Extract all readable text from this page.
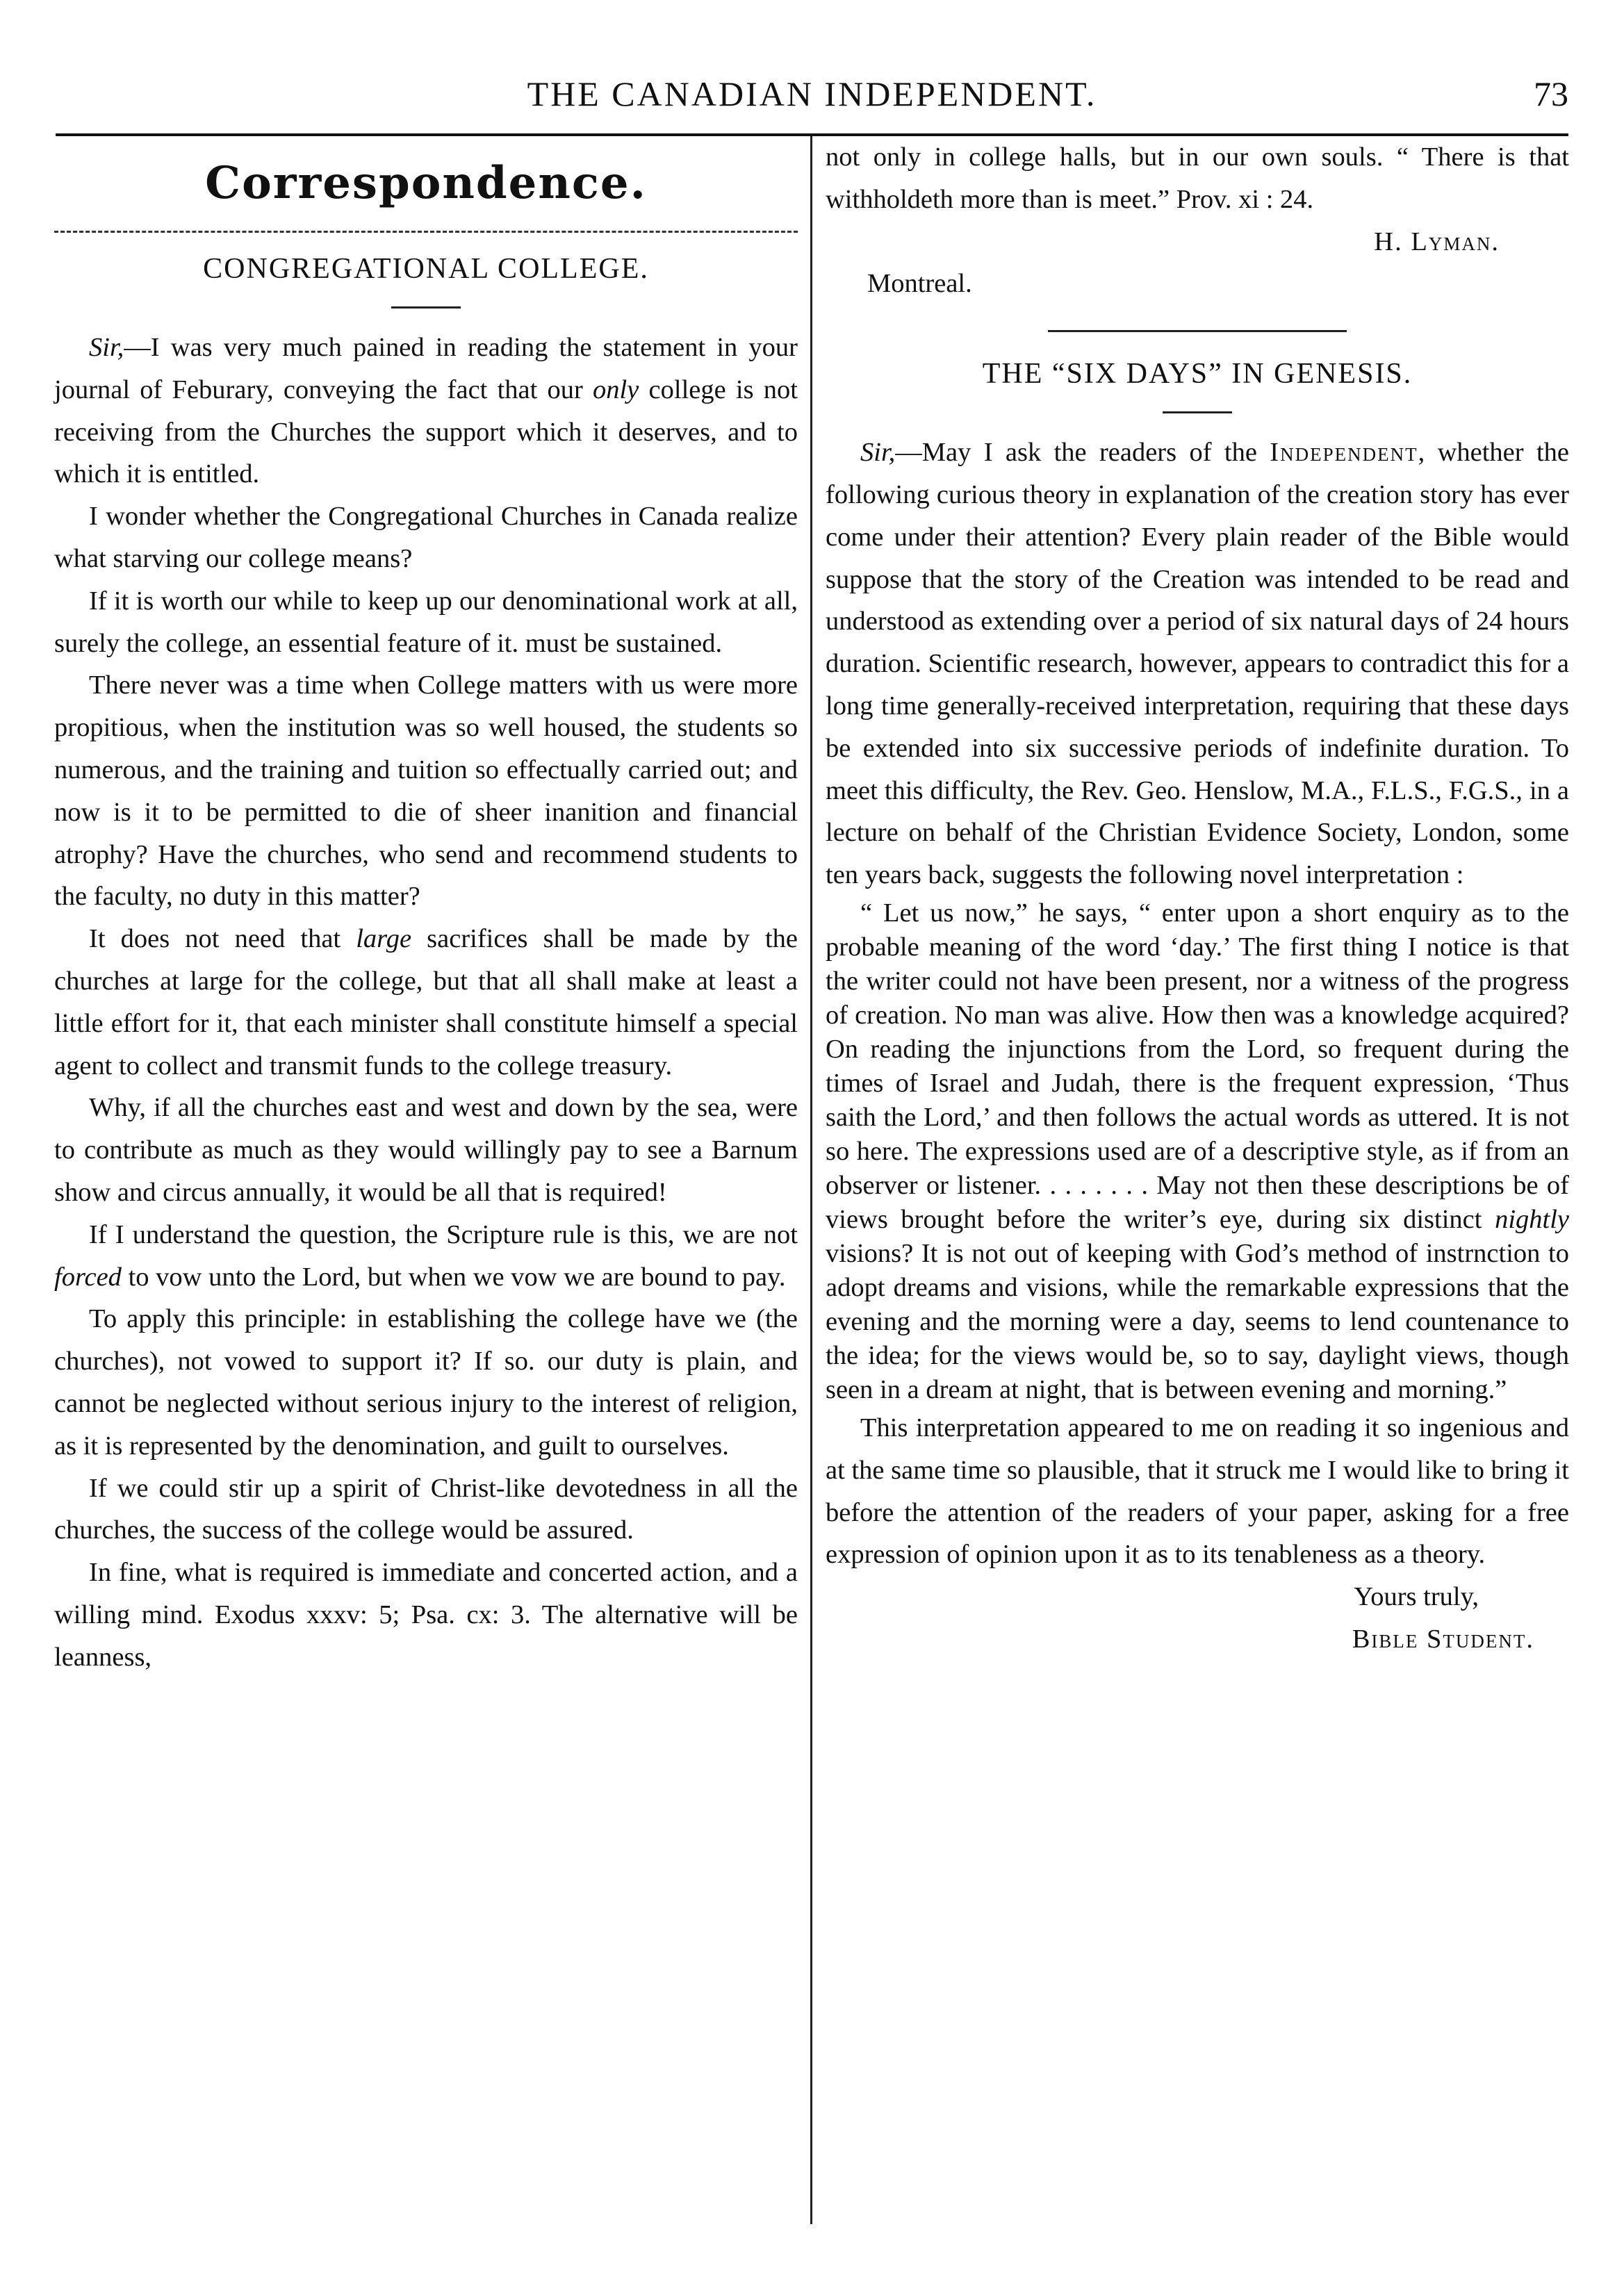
THE CANADIAN INDEPENDENT.	73
Correspondence.

CONGREGATIONAL COLLEGE.

Sir,—I was very much pained in reading the statement in your journal of Feburary, conveying the fact that our only college is not receiving from the Churches the support which it deserves, and to which it is entitled.

I wonder whether the Congregational Churches in Canada realize what starving our college means?

If it is worth our while to keep up our denominational work at all, surely the college, an essential feature of it. must be sustained.

There never was a time when College matters with us were more propitious, when the institution was so well housed, the students so numerous, and the training and tuition so effectually carried out; and now is it to be permitted to die of sheer inanition and financial atrophy? Have the churches, who send and recommend students to the faculty, no duty in this matter?

It does not need that large sacrifices shall be made by the churches at large for the college, but that all shall make at least a little effort for it, that each minister shall constitute himself a special agent to collect and transmit funds to the college treasury.

Why, if all the churches east and west and down by the sea, were to contribute as much as they would willingly pay to see a Barnum show and circus annually, it would be all that is required!

If I understand the question, the Scripture rule is this, we are not forced to vow unto the Lord, but when we vow we are bound to pay.

To apply this principle: in establishing the college have we (the churches), not vowed to support it? If so. our duty is plain, and cannot be neglected without serious injury to the interest of religion, as it is represented by the denomination, and guilt to ourselves.

If we could stir up a spirit of Christ-like devotedness in all the churches, the success of the college would be assured.

In fine, what is required is immediate and concerted action, and a willing mind. Exodus xxxv: 5; Psa. cx: 3. The alternative will be leanness,

not only in college halls, but in our own souls. “ There is that withholdeth more than is meet.” Prov. xi : 24.

H. Lyman.

Montreal.

THE “SIX DAYS” IN GENESIS.

Sir,—May I ask the readers of the Independent, whether the following curious theory in explanation of the creation story has ever come under their attention? Every plain reader of the Bible would suppose that the story of the Creation was intended to be read and understood as extending over a period of six natural days of 24 hours duration. Scientific research, however, appears to contradict this for a long time generally-received interpretation, requiring that these days be extended into six successive periods of indefinite duration. To meet this difficulty, the Rev. Geo. Henslow, M.A., F.L.S., F.G.S., in a lecture on behalf of the Christian Evidence Society, London, some ten years back, suggests the following novel interpretation :

“ Let us now,” he says, “ enter upon a short enquiry as to the probable meaning of the word ‘day.’ The first thing I notice is that the writer could not have been present, nor a witness of the progress of creation. No man was alive. How then was a knowledge acquired? On reading the injunctions from the Lord, so frequent during the times of Israel and Judah, there is the frequent expression, ‘Thus saith the Lord,’ and then follows the actual words as uttered. It is not so here. The expressions used are of a descriptive style, as if from an observer or listener. . . . . . . . May not then these descriptions be of views brought before the writer’s eye, during six distinct nightly visions? It is not out of keeping with God’s method of instrnction to adopt dreams and visions, while the remarkable expressions that the evening and the morning were a day, seems to lend countenance to the idea; for the views would be, so to say, daylight views, though seen in a dream at night, that is between evening and morning.”

This interpretation appeared to me on reading it so ingenious and at the same time so plausible, that it struck me I would like to bring it before the attention of the readers of your paper, asking for a free expression of opinion upon it as to its tenableness as a theory.

Yours truly,

Bible Student.
